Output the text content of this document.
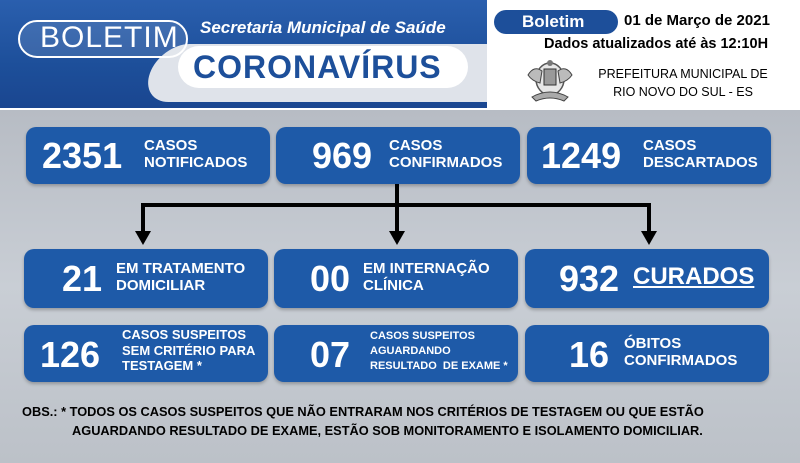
BOLETIM Secretaria Municipal de Saúde
CORONAVÍRUS
Boletim	01 de Março de 2021
Dados atualizados até às 12:10H
PREFEITURA MUNICIPAL DE
RIO NOVO DO SUL - ES
2351 CASOS
NOTIFICADOS 969 CASOS
CONFIRMADOS 1249 CASOS
DESCARTADOS
21 EM TRATAMENTO
DOMICILIAR	00 EM INTERNAÇÃO
CLÍNICA	932 CURADOS
126 CASOS SUSPEITOS
SEM CRITÉRIO PARA
TESTAGEM *	07 CASOS SUSPEITOS
AGUARDANDO
RESULTADO  DE EXAME * 16 ÓBITOS
CONFIRMADOS
OBS.: * TODOS OS CASOS SUSPEITOS QUE NÃO ENTRARAM NOS CRITÉRIOS DE TESTAGEM OU QUE ESTÃO
AGUARDANDO RESULTADO DE EXAME, ESTÃO SOB MONITORAMENTO E ISOLAMENTO DOMICILIAR.
